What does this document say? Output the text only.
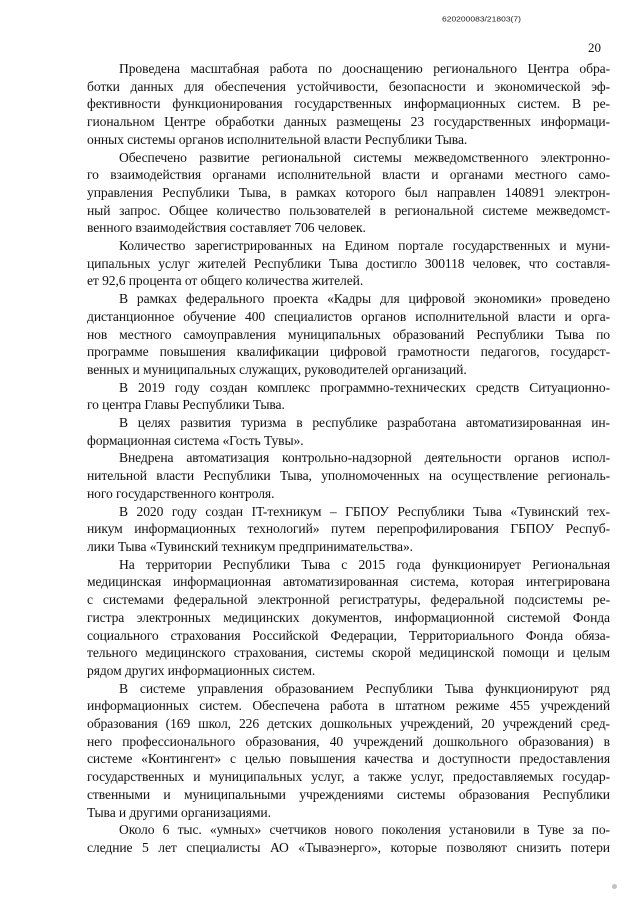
620200083/21803(7)
20
Проведена масштабная работа по дооснащению регионального Центра обра-
ботки данных для обеспечения устойчивости, безопасности и экономической эф-
фективности функционирования государственных информационных систем. В ре-
гиональном Центре обработки данных размещены 23 государственных информаци-
онных системы органов исполнительной власти Республики Тыва.
Обеспечено развитие региональной системы межведомственного электронно-
го взаимодействия органами исполнительной власти и органами местного само-
управления Республики Тыва, в рамках которого был направлен 140891 электрон-
ный запрос. Общее количество пользователей в региональной системе межведомст-
венного взаимодействия составляет 706 человек.
Количество зарегистрированных на Едином портале государственных и муни-
ципальных услуг жителей Республики Тыва достигло 300118 человек, что составля-
ет 92,6 процента от общего количества жителей.
В рамках федерального проекта «Кадры для цифровой экономики» проведено
дистанционное обучение 400 специалистов органов исполнительной власти и орга-
нов местного самоуправления муниципальных образований Республики Тыва по
программе повышения квалификации цифровой грамотности педагогов, государст-
венных и муниципальных служащих, руководителей организаций.
В 2019 году создан комплекс программно-технических средств Ситуационно-
го центра Главы Республики Тыва.
В целях развития туризма в республике разработана автоматизированная ин-
формационная система «Гость Тувы».
Внедрена автоматизация контрольно-надзорной деятельности органов испол-
нительной власти Республики Тыва, уполномоченных на осуществление региональ-
ного государственного контроля.
В 2020 году создан IT-техникум – ГБПОУ Республики Тыва «Тувинский тех-
никум информационных технологий» путем перепрофилирования ГБПОУ Респуб-
лики Тыва «Тувинский техникум предпринимательства».
На территории Республики Тыва с 2015 года функционирует Региональная
медицинская информационная автоматизированная система, которая интегрирована
с системами федеральной электронной регистратуры, федеральной подсистемы ре-
гистра электронных медицинских документов, информационной системой Фонда
социального страхования Российской Федерации, Территориального Фонда обяза-
тельного медицинского страхования, системы скорой медицинской помощи и целым
рядом других информационных систем.
В системе управления образованием Республики Тыва функционируют ряд
информационных систем. Обеспечена работа в штатном режиме 455 учреждений
образования (169 школ, 226 детских дошкольных учреждений, 20 учреждений сред-
него профессионального образования, 40 учреждений дошкольного образования) в
системе «Контингент» с целью повышения качества и доступности предоставления
государственных и муниципальных услуг, а также услуг, предоставляемых государ-
ственными и муниципальными учреждениями системы образования Республики
Тыва и другими организациями.
Около 6 тыс. «умных» счетчиков нового поколения установили в Туве за по-
следние 5 лет специалисты АО «Тываэнерго», которые позволяют снизить потери
